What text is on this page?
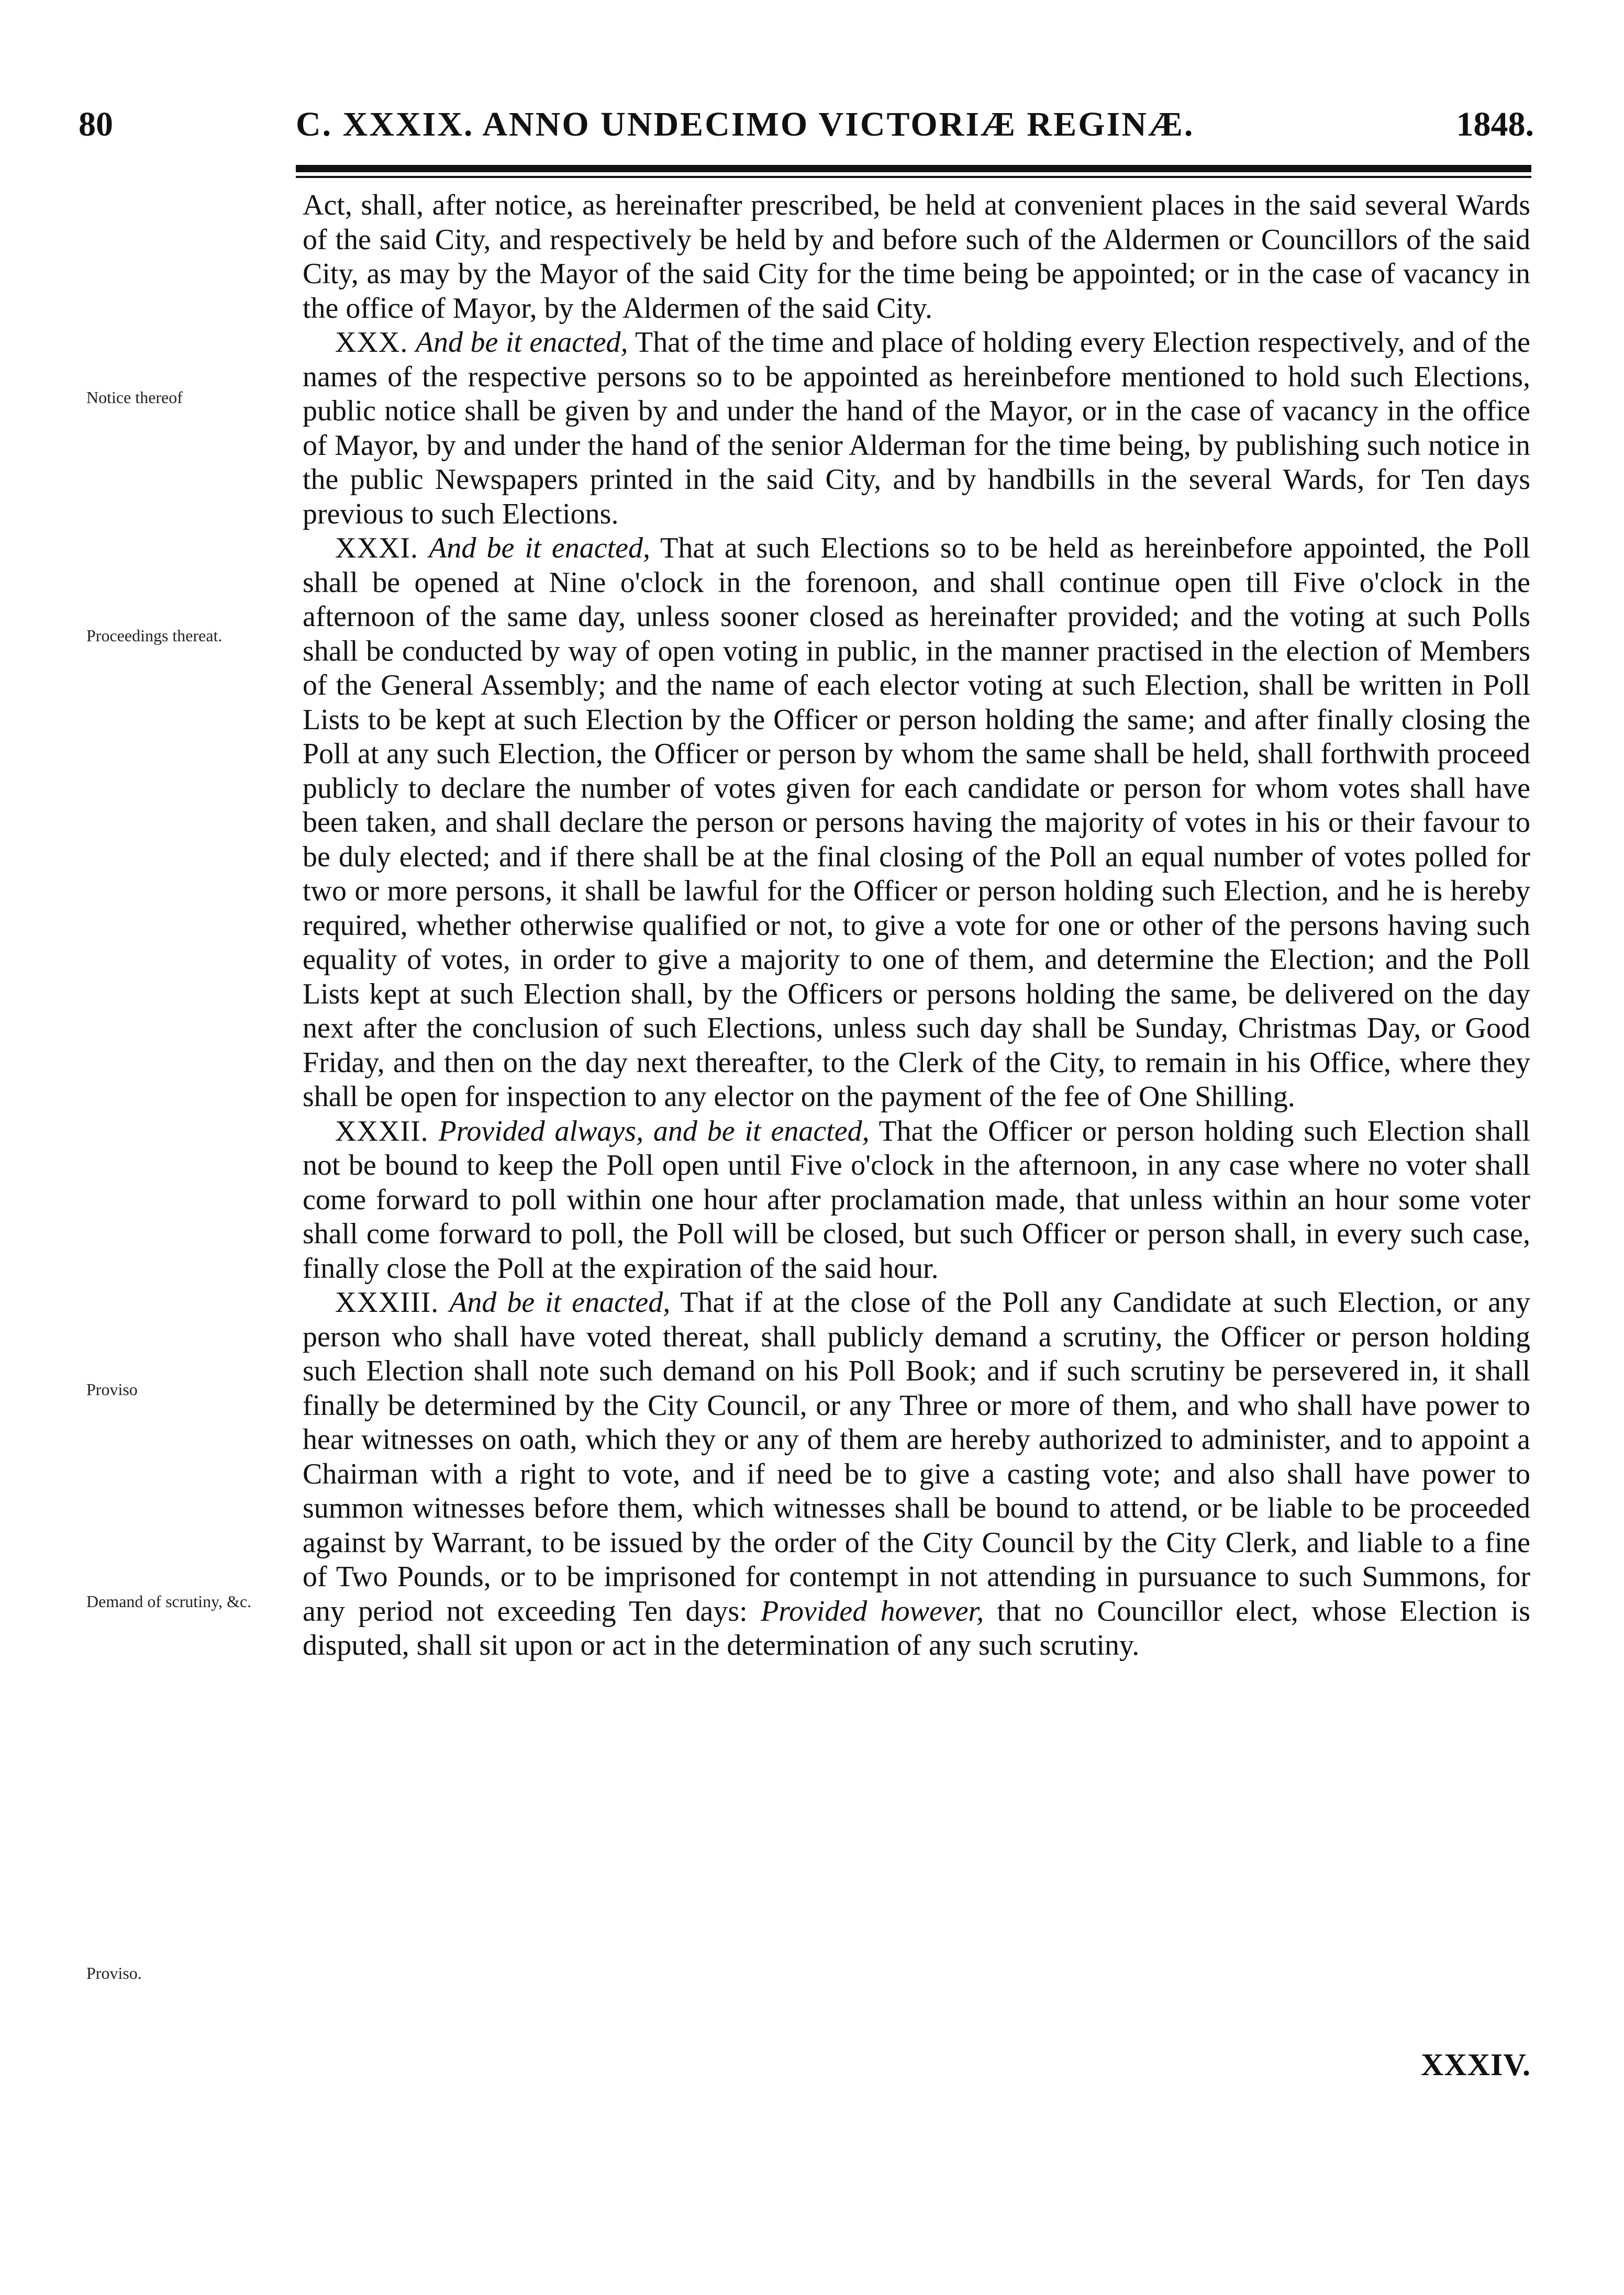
80	C. XXXIX. ANNO UNDECIMO VICTORIÆ REGINÆ.	1848.
Notice thereof
Proceedings thereat.
Proviso
Demand of scrutiny, &c.
Proviso.

Act, shall, after notice, as hereinafter prescribed, be held at convenient places in the said several Wards of the said City, and respectively be held by and before such of the Aldermen or Councillors of the said City, as may by the Mayor of the said City for the time being be appointed; or in the case of vacancy in the office of Mayor, by the Aldermen of the said City.

XXX. And be it enacted, That of the time and place of holding every Election respectively, and of the names of the respective persons so to be appointed as hereinbefore mentioned to hold such Elections, public notice shall be given by and under the hand of the Mayor, or in the case of vacancy in the office of Mayor, by and under the hand of the senior Alderman for the time being, by publishing such notice in the public Newspapers printed in the said City, and by handbills in the several Wards, for Ten days previous to such Elections.

XXXI. And be it enacted, That at such Elections so to be held as hereinbefore appointed, the Poll shall be opened at Nine o'clock in the forenoon, and shall continue open till Five o'clock in the afternoon of the same day, unless sooner closed as hereinafter provided; and the voting at such Polls shall be conducted by way of open voting in public, in the manner practised in the election of Members of the General Assembly; and the name of each elector voting at such Election, shall be written in Poll Lists to be kept at such Election by the Officer or person holding the same; and after finally closing the Poll at any such Election, the Officer or person by whom the same shall be held, shall forthwith proceed publicly to declare the number of votes given for each candidate or person for whom votes shall have been taken, and shall declare the person or persons having the majority of votes in his or their favour to be duly elected; and if there shall be at the final closing of the Poll an equal number of votes polled for two or more persons, it shall be lawful for the Officer or person holding such Election, and he is hereby required, whether otherwise qualified or not, to give a vote for one or other of the persons having such equality of votes, in order to give a majority to one of them, and determine the Election; and the Poll Lists kept at such Election shall, by the Officers or persons holding the same, be delivered on the day next after the conclusion of such Elections, unless such day shall be Sunday, Christmas Day, or Good Friday, and then on the day next thereafter, to the Clerk of the City, to remain in his Office, where they shall be open for inspection to any elector on the payment of the fee of One Shilling.

XXXII. Provided always, and be it enacted, That the Officer or person holding such Election shall not be bound to keep the Poll open until Five o'clock in the afternoon, in any case where no voter shall come forward to poll within one hour after proclamation made, that unless within an hour some voter shall come forward to poll, the Poll will be closed, but such Officer or person shall, in every such case, finally close the Poll at the expiration of the said hour.

XXXIII. And be it enacted, That if at the close of the Poll any Candidate at such Election, or any person who shall have voted thereat, shall publicly demand a scrutiny, the Officer or person holding such Election shall note such demand on his Poll Book; and if such scrutiny be persevered in, it shall finally be determined by the City Council, or any Three or more of them, and who shall have power to hear witnesses on oath, which they or any of them are hereby authorized to administer, and to appoint a Chairman with a right to vote, and if need be to give a casting vote; and also shall have power to summon witnesses before them, which witnesses shall be bound to attend, or be liable to be proceeded against by Warrant, to be issued by the order of the City Council by the City Clerk, and liable to a fine of Two Pounds, or to be imprisoned for contempt in not attending in pursuance to such Summons, for any period not exceeding Ten days: Provided however, that no Councillor elect, whose Election is disputed, shall sit upon or act in the determination of any such scrutiny.

XXXIV.
